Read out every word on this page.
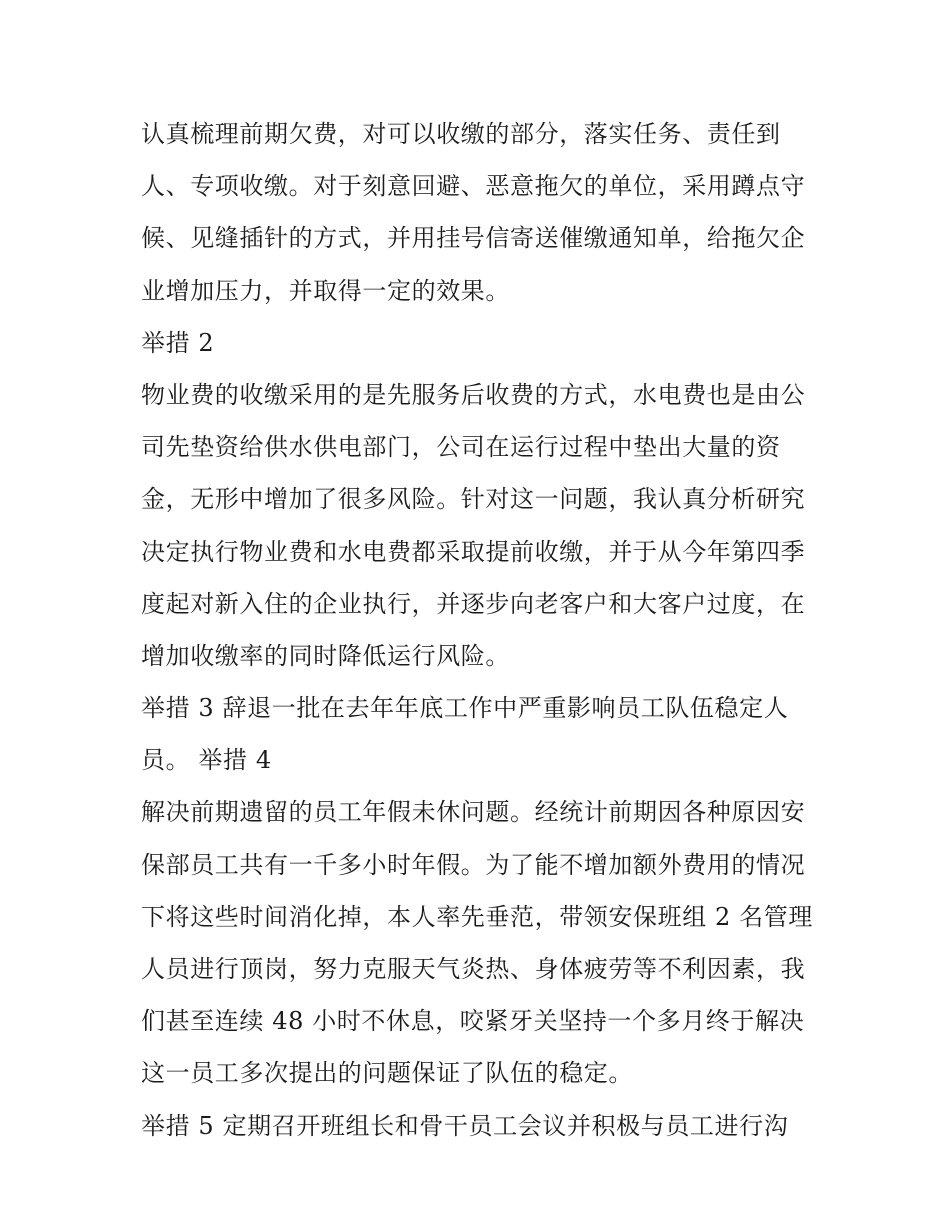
认真梳理前期欠费，对可以收缴的部分，落实任务、责任到
人、专项收缴。对于刻意回避、恶意拖欠的单位，采用蹲点守
候、见缝插针的方式，并用挂号信寄送催缴通知单，给拖欠企
业增加压力，并取得一定的效果。
举措 2
物业费的收缴采用的是先服务后收费的方式，水电费也是由公
司先垫资给供水供电部门，公司在运行过程中垫出大量的资
金，无形中增加了很多风险。针对这一问题，我认真分析研究
决定执行物业费和水电费都采取提前收缴，并于从今年第四季
度起对新入住的企业执行，并逐步向老客户和大客户过度，在
增加收缴率的同时降低运行风险。
举措 3 辞退一批在去年年底工作中严重影响员工队伍稳定人
员。 举措 4
解决前期遗留的员工年假未休问题。经统计前期因各种原因安
保部员工共有一千多小时年假。为了能不增加额外费用的情况
下将这些时间消化掉，本人率先垂范，带领安保班组 2 名管理
人员进行顶岗，努力克服天气炎热、身体疲劳等不利因素，我
们甚至连续 48 小时不休息，咬紧牙关坚持一个多月终于解决
这一员工多次提出的问题保证了队伍的稳定。
举措 5 定期召开班组长和骨干员工会议并积极与员工进行沟
